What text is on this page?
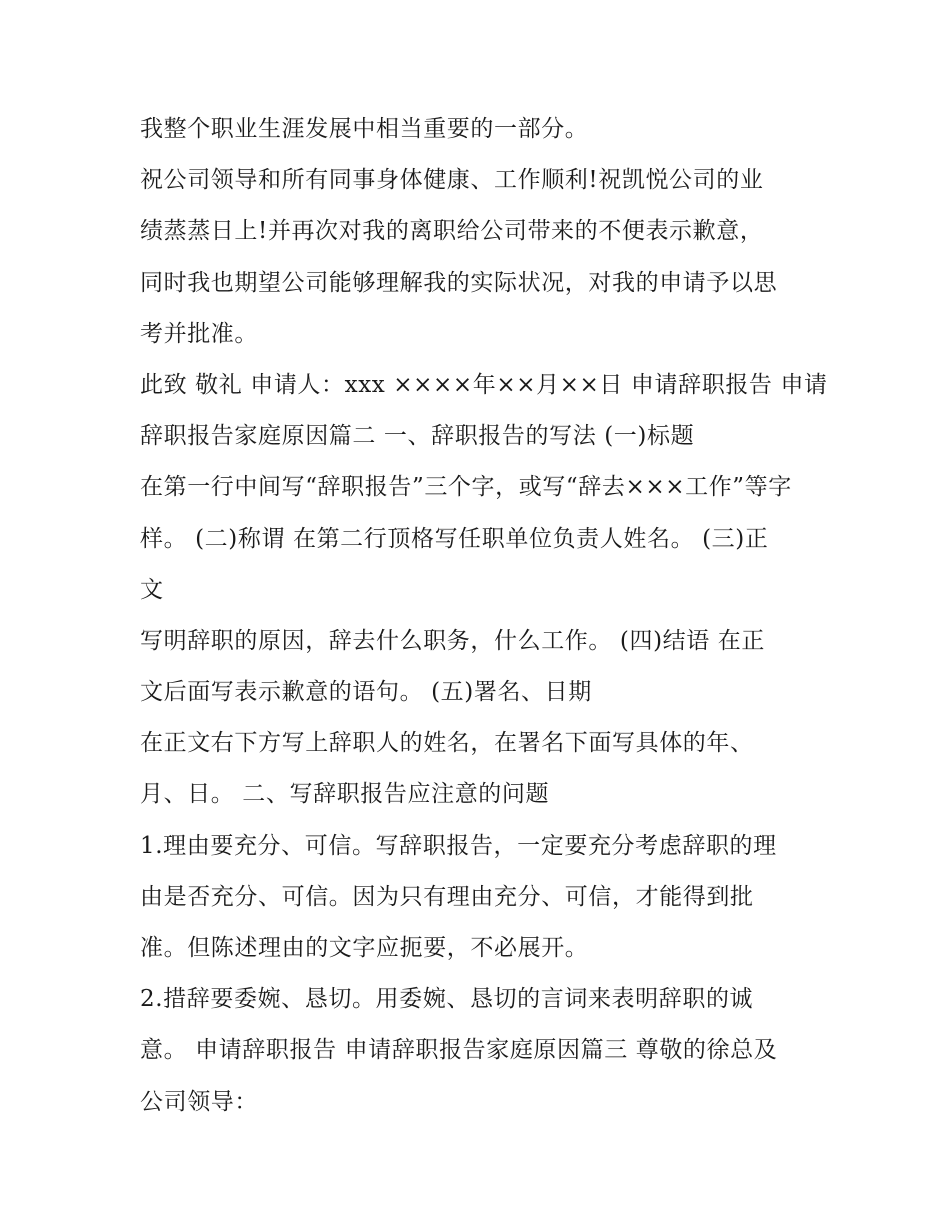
我整个职业生涯发展中相当重要的一部分。
祝公司领导和所有同事身体健康、工作顺利!祝凯悦公司的业
绩蒸蒸日上!并再次对我的离职给公司带来的不便表示歉意，
同时我也期望公司能够理解我的实际状况，对我的申请予以思
考并批准。
此致 敬礼 申请人：xxx ××××年××月××日 申请辞职报告 申请
辞职报告家庭原因篇二 一、辞职报告的写法 (一)标题
在第一行中间写“辞职报告”三个字，或写“辞去×××工作”等字
样。 (二)称谓 在第二行顶格写任职单位负责人姓名。 (三)正
文
写明辞职的原因，辞去什么职务，什么工作。 (四)结语 在正
文后面写表示歉意的语句。 (五)署名、日期
在正文右下方写上辞职人的姓名，在署名下面写具体的年、
月、日。 二、写辞职报告应注意的问题
1.理由要充分、可信。写辞职报告，一定要充分考虑辞职的理
由是否充分、可信。因为只有理由充分、可信，才能得到批
准。但陈述理由的文字应扼要，不必展开。
2.措辞要委婉、恳切。用委婉、恳切的言词来表明辞职的诚
意。 申请辞职报告 申请辞职报告家庭原因篇三 尊敬的徐总及
公司领导：
